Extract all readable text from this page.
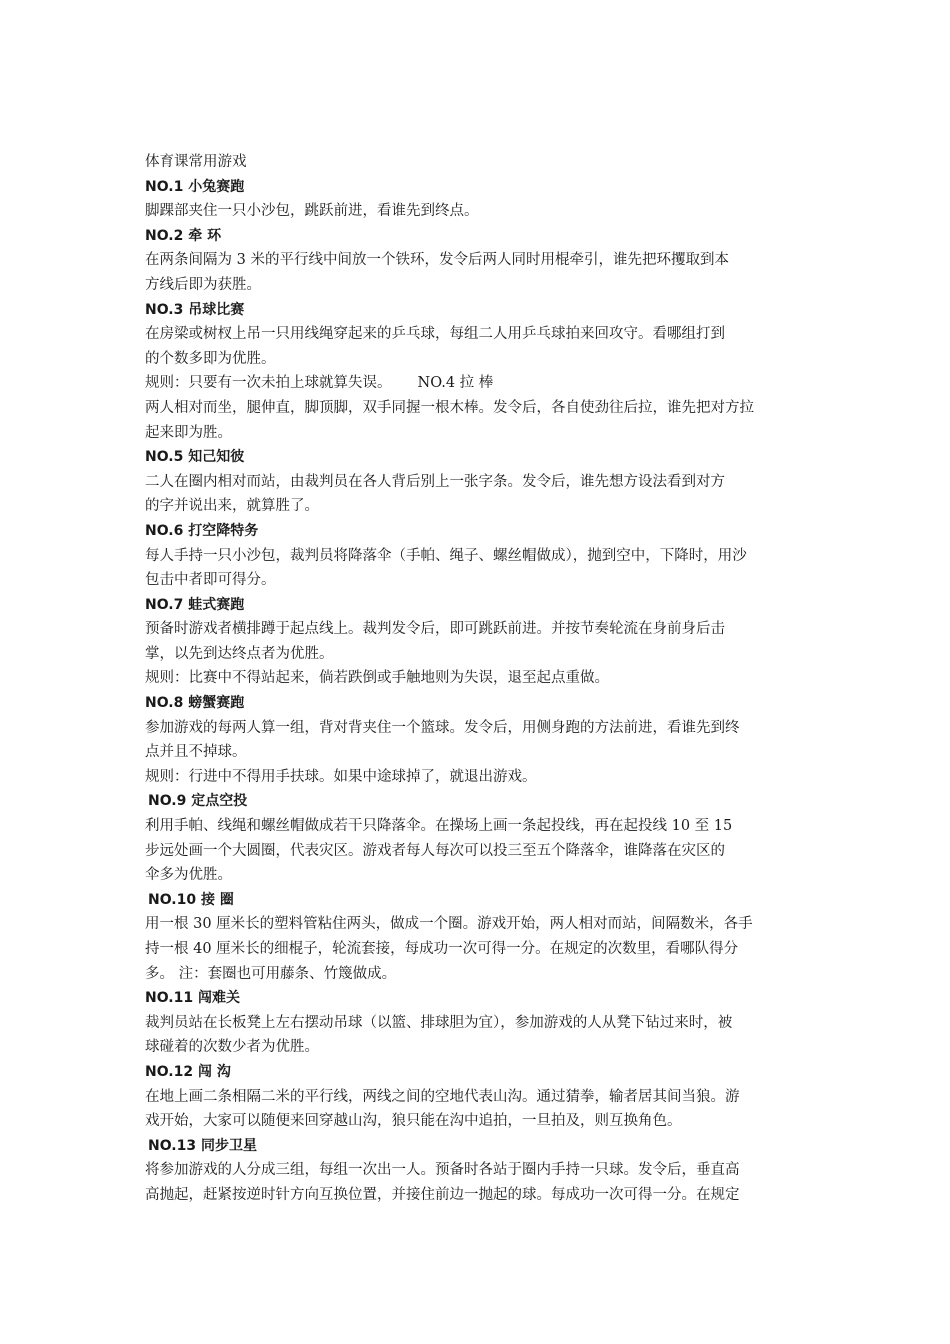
体育课常用游戏
NO.1 小兔赛跑
脚踝部夹住一只小沙包，跳跃前进，看谁先到终点。
NO.2 牵 环
在两条间隔为 3 米的平行线中间放一个铁环，发令后两人同时用棍牵引，谁先把环攫取到本
方线后即为获胜。
NO.3 吊球比赛
在房梁或树杈上吊一只用线绳穿起来的乒乓球，每组二人用乒乓球拍来回攻守。看哪组打到
的个数多即为优胜。
规则：只要有一次未拍上球就算失误。 NO.4 拉 棒
两人相对而坐，腿伸直，脚顶脚，双手同握一根木棒。发令后，各自使劲往后拉，谁先把对方拉
起来即为胜。
NO.5 知己知彼
二人在圈内相对而站，由裁判员在各人背后别上一张字条。发令后，谁先想方设法看到对方
的字并说出来，就算胜了。
NO.6 打空降特务
每人手持一只小沙包，裁判员将降落伞（手帕、绳子、螺丝帽做成），抛到空中，下降时，用沙
包击中者即可得分。
NO.7 蛙式赛跑
预备时游戏者横排蹲于起点线上。裁判发令后，即可跳跃前进。并按节奏轮流在身前身后击
掌，以先到达终点者为优胜。
规则：比赛中不得站起来，倘若跌倒或手触地则为失误，退至起点重做。
NO.8 螃蟹赛跑
参加游戏的每两人算一组，背对背夹住一个篮球。发令后，用侧身跑的方法前进，看谁先到终
点并且不掉球。
规则：行进中不得用手扶球。如果中途球掉了，就退出游戏。
NO.9 定点空投
利用手帕、线绳和螺丝帽做成若干只降落伞。在操场上画一条起投线，再在起投线 10 至 15
步远处画一个大圆圈，代表灾区。游戏者每人每次可以投三至五个降落伞，谁降落在灾区的
伞多为优胜。
NO.10 接 圈
用一根 30 厘米长的塑料管粘住两头，做成一个圈。游戏开始，两人相对而站，间隔数米，各手
持一根 40 厘米长的细棍子，轮流套接，每成功一次可得一分。在规定的次数里，看哪队得分
多。 注：套圈也可用藤条、竹篾做成。
NO.11 闯难关
裁判员站在长板凳上左右摆动吊球（以篮、排球胆为宜），参加游戏的人从凳下钻过来时，被
球碰着的次数少者为优胜。
NO.12 闯 沟
在地上画二条相隔二米的平行线，两线之间的空地代表山沟。通过猜拳，输者居其间当狼。游
戏开始，大家可以随便来回穿越山沟，狼只能在沟中追拍，一旦拍及，则互换角色。
NO.13 同步卫星
将参加游戏的人分成三组，每组一次出一人。预备时各站于圈内手持一只球。发令后，垂直高
高抛起，赶紧按逆时针方向互换位置，并接住前边一抛起的球。每成功一次可得一分。在规定
